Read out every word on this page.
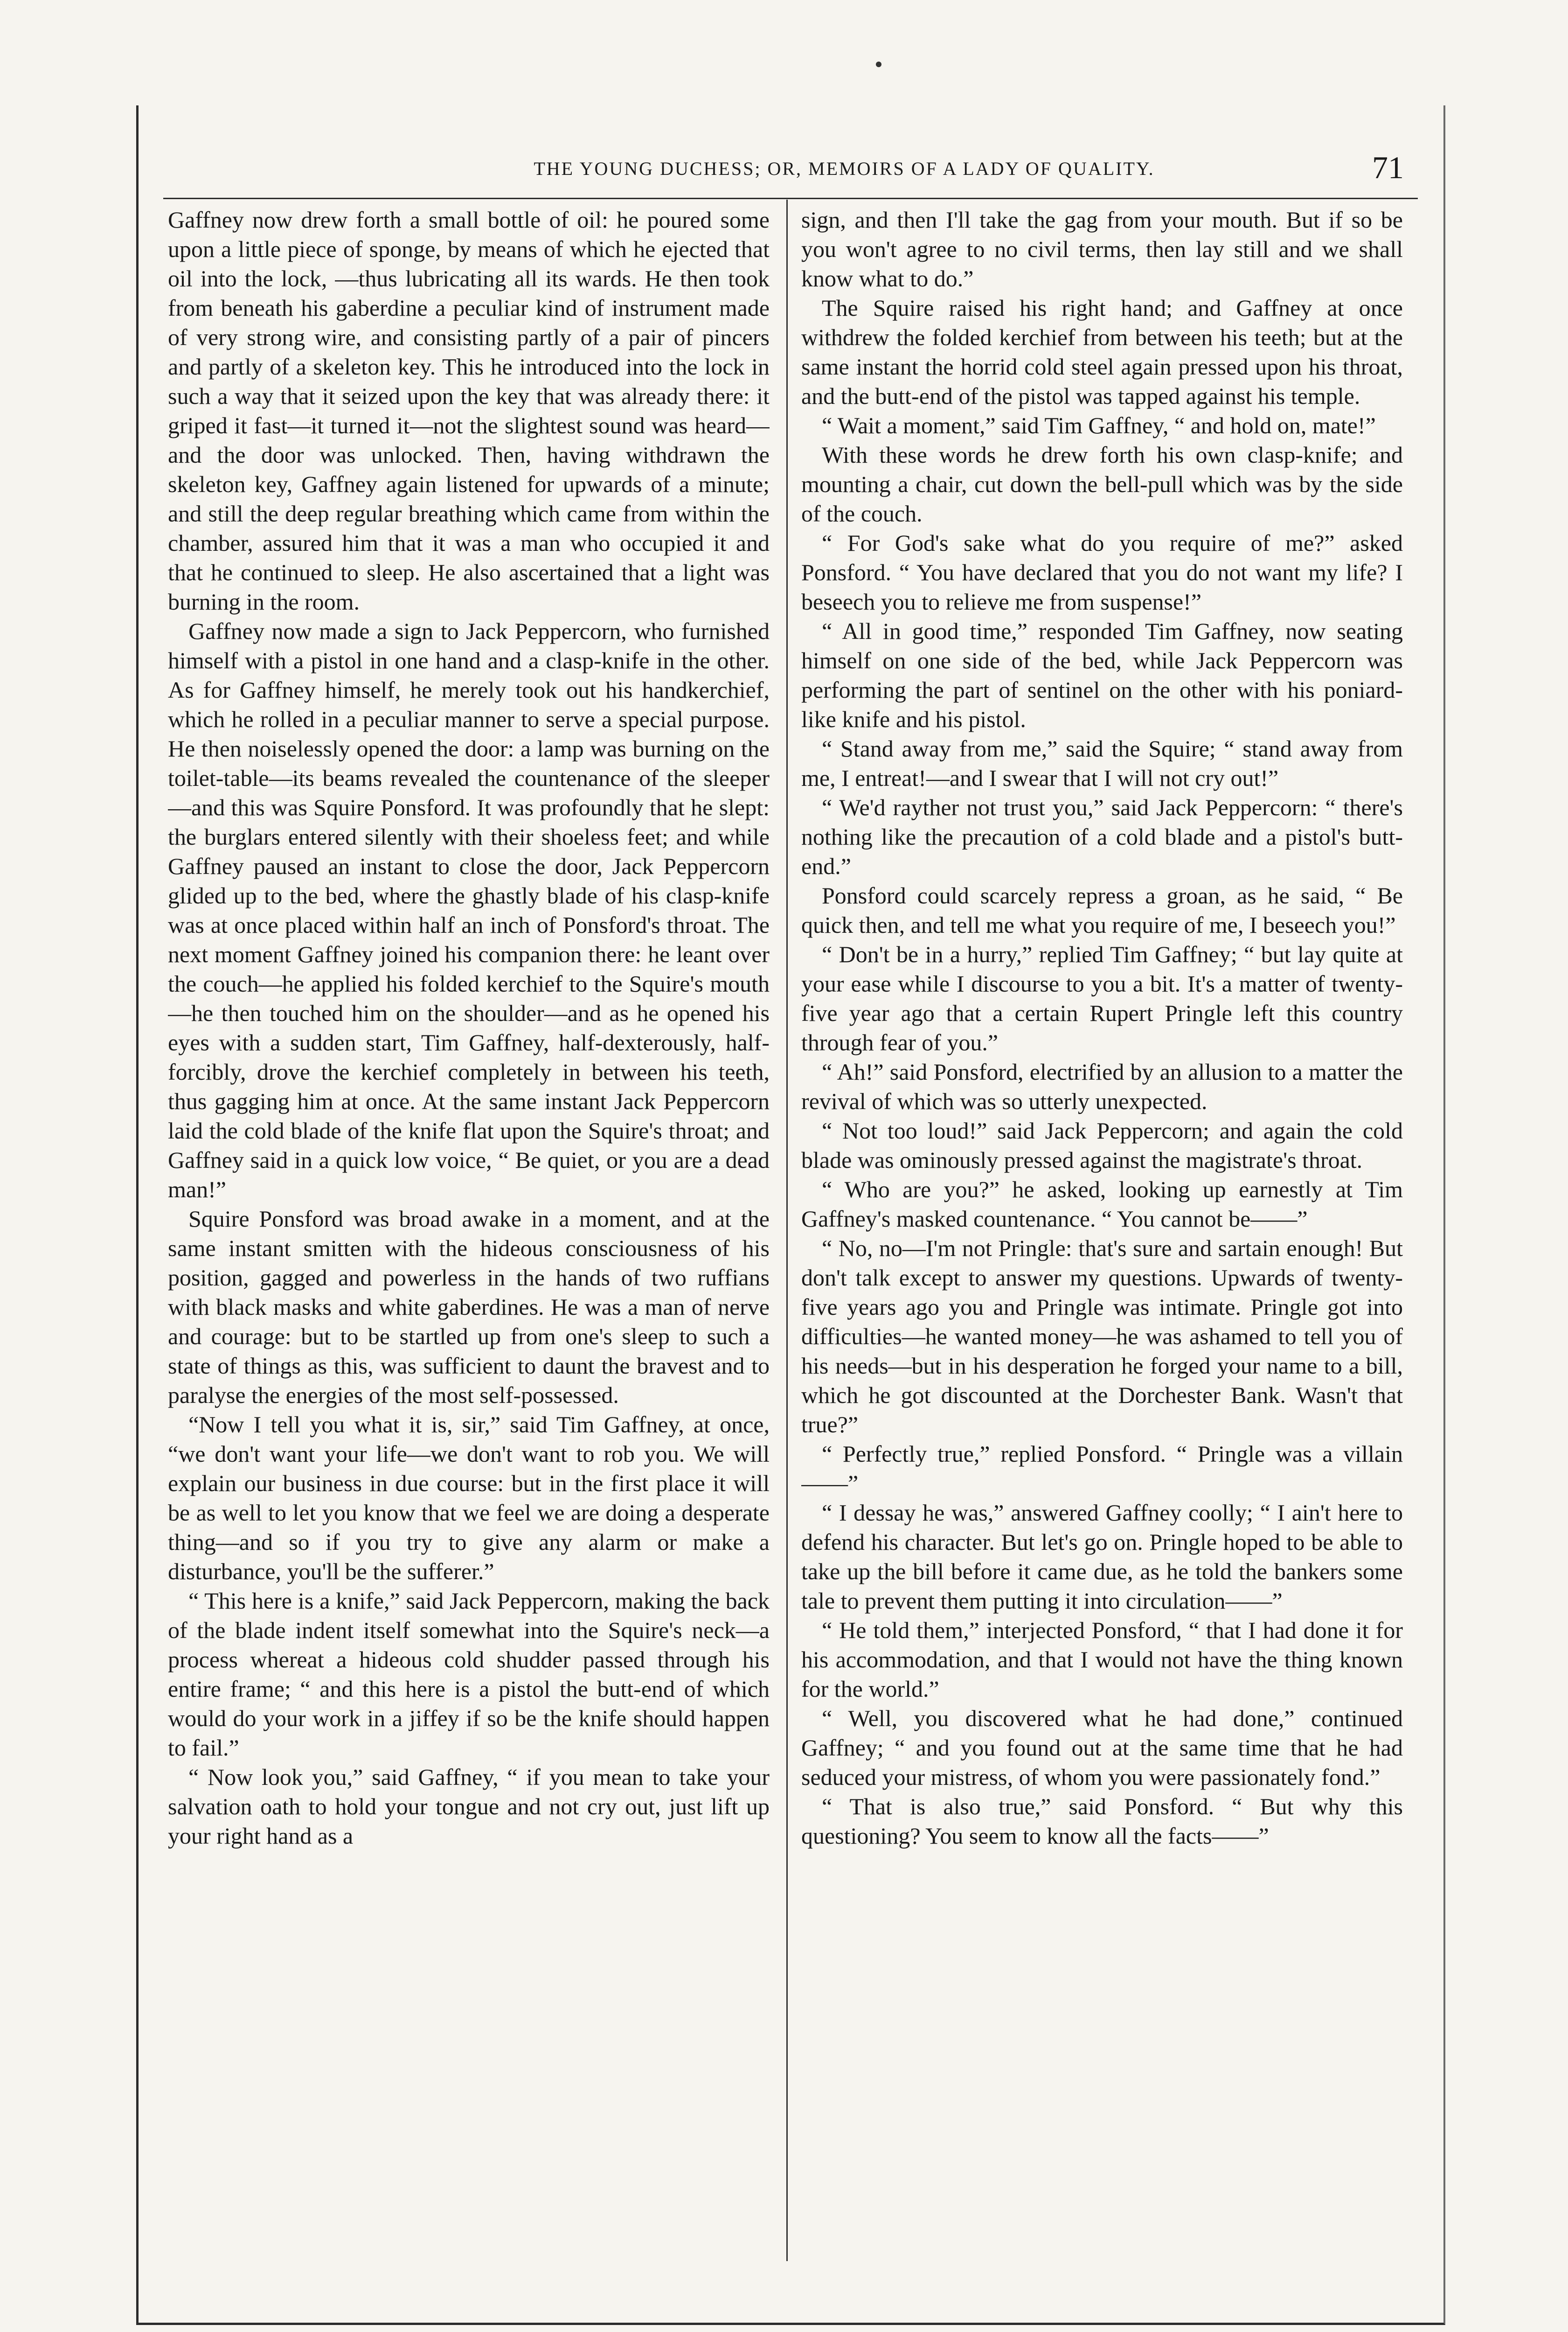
THE YOUNG DUCHESS; OR, MEMOIRS OF A LADY OF QUALITY.	71

Gaffney now drew forth a small bottle of oil: he poured some upon a little piece of sponge, by means of which he ejected that oil into the lock, —thus lubricating all its wards. He then took from beneath his gaberdine a peculiar kind of instrument made of very strong wire, and consisting partly of a pair of pincers and partly of a skeleton key. This he introduced into the lock in such a way that it seized upon the key that was already there: it griped it fast—it turned it—not the slightest sound was heard—and the door was unlocked. Then, having withdrawn the skeleton key, Gaffney again listened for upwards of a minute; and still the deep regular breathing which came from within the chamber, assured him that it was a man who occupied it and that he continued to sleep. He also ascertained that a light was burning in the room.

Gaffney now made a sign to Jack Peppercorn, who furnished himself with a pistol in one hand and a clasp-knife in the other. As for Gaffney himself, he merely took out his handkerchief, which he rolled in a peculiar manner to serve a special purpose. He then noiselessly opened the door: a lamp was burning on the toilet-table—its beams revealed the countenance of the sleeper—and this was Squire Ponsford. It was profoundly that he slept: the burglars entered silently with their shoeless feet; and while Gaffney paused an instant to close the door, Jack Peppercorn glided up to the bed, where the ghastly blade of his clasp-knife was at once placed within half an inch of Ponsford's throat. The next moment Gaffney joined his companion there: he leant over the couch—he applied his folded kerchief to the Squire's mouth—he then touched him on the shoulder—and as he opened his eyes with a sudden start, Tim Gaffney, half-dexterously, half-forcibly, drove the kerchief completely in between his teeth, thus gagging him at once. At the same instant Jack Peppercorn laid the cold blade of the knife flat upon the Squire's throat; and Gaffney said in a quick low voice, “ Be quiet, or you are a dead man!”

Squire Ponsford was broad awake in a moment, and at the same instant smitten with the hideous consciousness of his position, gagged and powerless in the hands of two ruffians with black masks and white gaberdines. He was a man of nerve and courage: but to be startled up from one's sleep to such a state of things as this, was sufficient to daunt the bravest and to paralyse the energies of the most self-possessed.

“Now I tell you what it is, sir,” said Tim Gaffney, at once, “we don't want your life—we don't want to rob you. We will explain our business in due course: but in the first place it will be as well to let you know that we feel we are doing a desperate thing—and so if you try to give any alarm or make a disturbance, you'll be the sufferer.”

“ This here is a knife,” said Jack Peppercorn, making the back of the blade indent itself somewhat into the Squire's neck—a process whereat a hideous cold shudder passed through his entire frame; “ and this here is a pistol the butt-end of which would do your work in a jiffey if so be the knife should happen to fail.”

“ Now look you,” said Gaffney, “ if you mean to take your salvation oath to hold your tongue and not cry out, just lift up your right hand as a

sign, and then I'll take the gag from your mouth. But if so be you won't agree to no civil terms, then lay still and we shall know what to do.”

The Squire raised his right hand; and Gaffney at once withdrew the folded kerchief from between his teeth; but at the same instant the horrid cold steel again pressed upon his throat, and the butt-end of the pistol was tapped against his temple.

“ Wait a moment,” said Tim Gaffney, “ and hold on, mate!”

With these words he drew forth his own clasp-knife; and mounting a chair, cut down the bell-pull which was by the side of the couch.

“ For God's sake what do you require of me?” asked Ponsford. “ You have declared that you do not want my life? I beseech you to relieve me from suspense!”

“ All in good time,” responded Tim Gaffney, now seating himself on one side of the bed, while Jack Peppercorn was performing the part of sentinel on the other with his poniard-like knife and his pistol.

“ Stand away from me,” said the Squire; “ stand away from me, I entreat!—and I swear that I will not cry out!”

“ We'd rayther not trust you,” said Jack Peppercorn: “ there's nothing like the precaution of a cold blade and a pistol's butt-end.”

Ponsford could scarcely repress a groan, as he said, “ Be quick then, and tell me what you require of me, I beseech you!”

“ Don't be in a hurry,” replied Tim Gaffney; “ but lay quite at your ease while I discourse to you a bit. It's a matter of twenty-five year ago that a certain Rupert Pringle left this country through fear of you.”

“ Ah!” said Ponsford, electrified by an allusion to a matter the revival of which was so utterly unexpected.

“ Not too loud!” said Jack Peppercorn; and again the cold blade was ominously pressed against the magistrate's throat.

“ Who are you?” he asked, looking up earnestly at Tim Gaffney's masked countenance. “ You cannot be——”

“ No, no—I'm not Pringle: that's sure and sartain enough! But don't talk except to answer my questions. Upwards of twenty-five years ago you and Pringle was intimate. Pringle got into difficulties—he wanted money—he was ashamed to tell you of his needs—but in his desperation he forged your name to a bill, which he got discounted at the Dorchester Bank. Wasn't that true?”

“ Perfectly true,” replied Ponsford. “ Pringle was a villain——”

“ I dessay he was,” answered Gaffney coolly; “ I ain't here to defend his character. But let's go on. Pringle hoped to be able to take up the bill before it came due, as he told the bankers some tale to prevent them putting it into circulation——”

“ He told them,” interjected Ponsford, “ that I had done it for his accommodation, and that I would not have the thing known for the world.”

“ Well, you discovered what he had done,” continued Gaffney; “ and you found out at the same time that he had seduced your mistress, of whom you were passionately fond.”

“ That is also true,” said Ponsford. “ But why this questioning? You seem to know all the facts——”
